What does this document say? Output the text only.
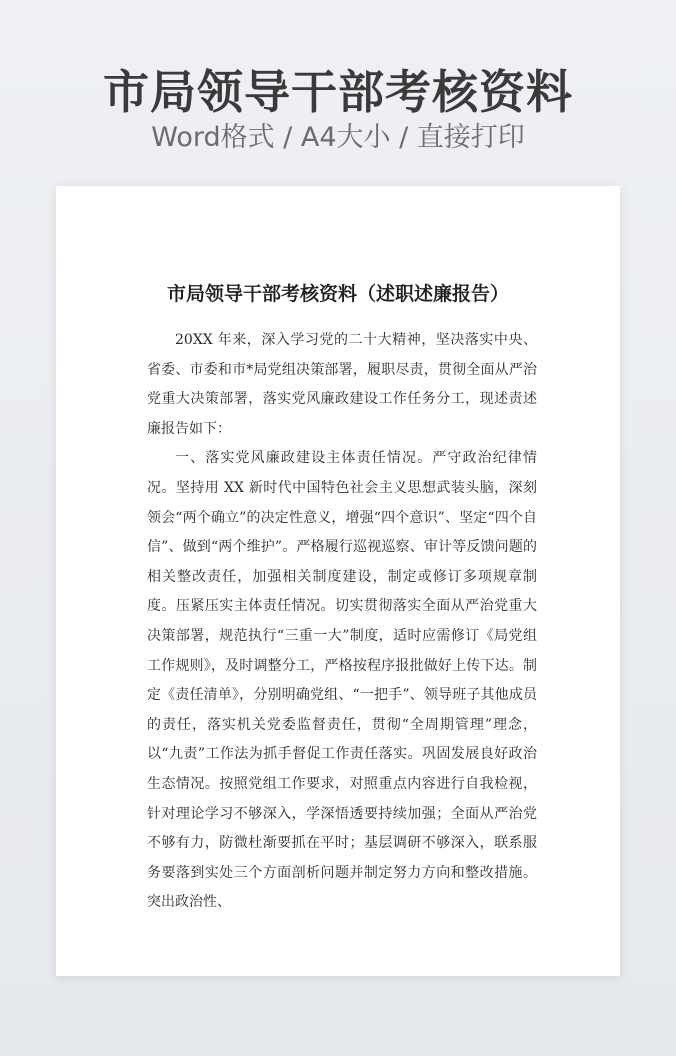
市局领导干部考核资料
Word格式 / A4大小 / 直接打印
市局领导干部考核资料（述职述廉报告）

20XX 年来，深入学习党的二十大精神，坚决落实中央、省委、市委和市*局党组决策部署，履职尽责，贯彻全面从严治党重大决策部署，落实党风廉政建设工作任务分工，现述责述廉报告如下：

一、落实党风廉政建设主体责任情况。严守政治纪律情况。坚持用 XX 新时代中国特色社会主义思想武装头脑，深刻领会“两个确立”的决定性意义，增强“四个意识”、坚定“四个自信”、做到“两个维护”。严格履行巡视巡察、审计等反馈问题的相关整改责任，加强相关制度建设，制定或修订多项规章制度。压紧压实主体责任情况。切实贯彻落实全面从严治党重大决策部署，规范执行“三重一大”制度，适时应需修订《局党组工作规则》，及时调整分工，严格按程序报批做好上传下达。制定《责任清单》，分别明确党组、“一把手”、领导班子其他成员的责任，落实机关党委监督责任，贯彻“全周期管理”理念，以“九责”工作法为抓手督促工作责任落实。巩固发展良好政治生态情况。按照党组工作要求，对照重点内容进行自我检视，针对理论学习不够深入，学深悟透要持续加强；全面从严治党不够有力，防微杜渐要抓在平时；基层调研不够深入，联系服务要落到实处三个方面剖析问题并制定努力方向和整改措施。突出政治性、
